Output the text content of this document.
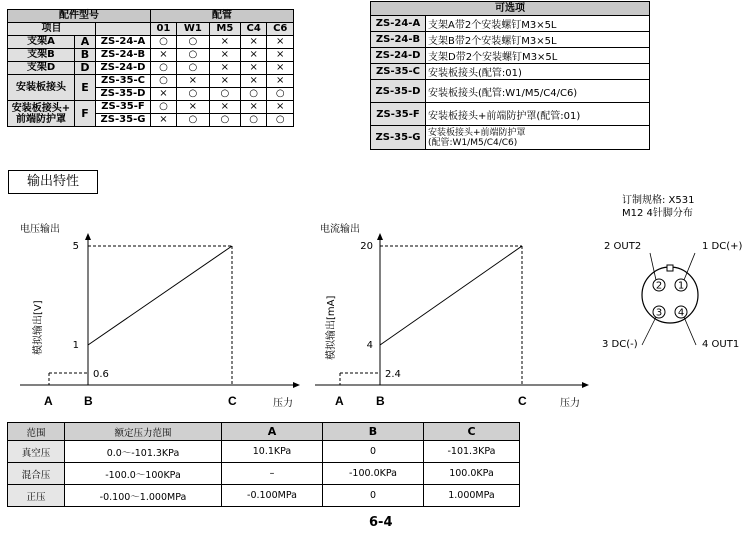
配件型号			配管				
项目			01	W1	M5	C4	C6
支架A	A	ZS-24-A	○	○	×	×	×
支架B	B	ZS-24-B	×	○	×	×	×
支架D	D	ZS-24-D	○	○	×	×	×
安装板接头	E	ZS-35-C	○	×	×	×	×
		ZS-35-D	×	○	○	○	○
安装板接头+
前端防护罩	F	ZS-35-F	○	×	×	×	×
		ZS-35-G	×	○	○	○	○
可选项	
ZS-24-A	支架A带2个安装螺钉M3×5L
ZS-24-B	支架B带2个安装螺钉M3×5L
ZS-24-D	支架D带2个安装螺钉M3×5L
ZS-35-C	安装板接头(配管:01)
ZS-35-D	安装板接头(配管:W1/M5/C4/C6)
ZS-35-F	安装板接头+前端防护罩(配管:01)
ZS-35-G	安装板接头+前端防护罩
(配管:W1/M5/C4/C6)
输出特性
电压输出
模拟输出[V]
5
1
0.6
A	B	C	压力
电流输出
模拟输出[mA]
20
4
2.4
A	B	C	压力
订制规格: X531
M12 4针脚分布
2 1
3 4
2 OUT2	1 DC(+)
3 DC(-)	4 OUT1
范围	额定压力范围	A	B	C
真空压	0.0～-101.3KPa	10.1KPa	0	-101.3KPa
混合压	-100.0～100KPa	–	-100.0KPa	100.0KPa
正压	-0.100～1.000MPa	-0.100MPa	0	1.000MPa
6-4
